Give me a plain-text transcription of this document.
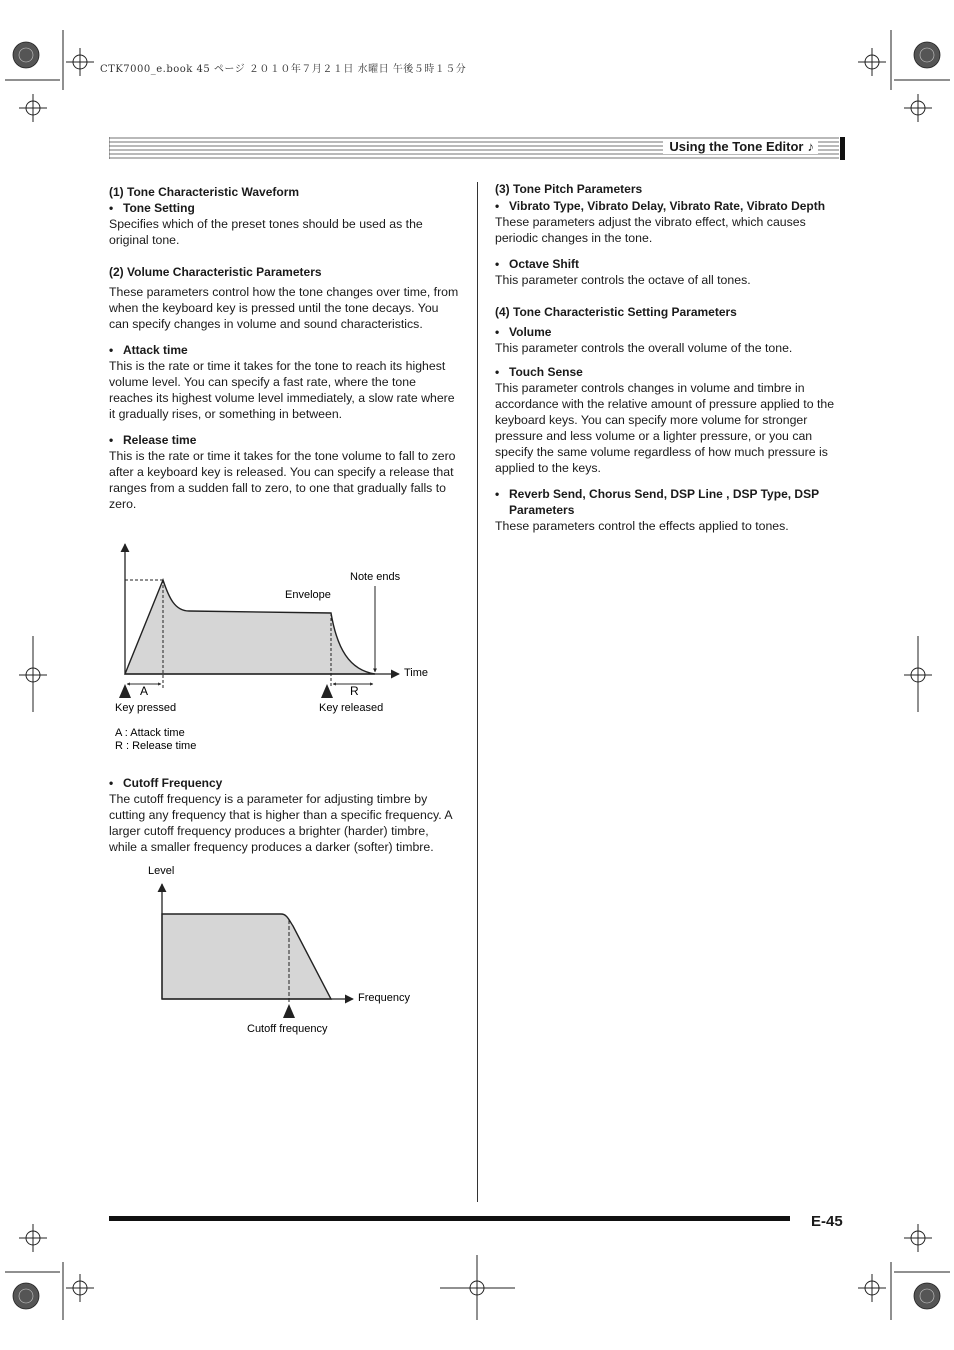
CTK7000_e.book 45 ページ ２０１０年７月２１日 水曜日 午後５時１５分
Using the Tone Editor ♪

(1) Tone Characteristic Waveform

• Tone Setting

Specifies which of the preset tones should be used as the original tone.

(2) Volume Characteristic Parameters

These parameters control how the tone changes over time, from when the keyboard key is pressed until the tone decays. You can specify changes in volume and sound characteristics.

• Attack time

This is the rate or time it takes for the tone to reach its highest volume level. You can specify a fast rate, where the tone reaches its highest volume level immediately, a slow rate where it gradually rises, or something in between.

• Release time

This is the rate or time it takes for the tone volume to fall to zero after a keyboard key is released. You can specify a release that ranges from a sudden fall to zero, to one that gradually falls to zero.

Note ends
Envelope
Time
A	R
Key pressed	Key released
A : Attack time
R : Release time

• Cutoff Frequency

The cutoff frequency is a parameter for adjusting timbre by cutting any frequency that is higher than a specific frequency. A larger cutoff frequency produces a brighter (harder) timbre, while a smaller frequency produces a darker (softer) timbre.

Level
Frequency
Cutoff frequency

(3) Tone Pitch Parameters

• Vibrato Type, Vibrato Delay, Vibrato Rate, Vibrato Depth

These parameters adjust the vibrato effect, which causes periodic changes in the tone.

• Octave Shift

This parameter controls the octave of all tones.

(4) Tone Characteristic Setting Parameters

• Volume

This parameter controls the overall volume of the tone.

• Touch Sense

This parameter controls changes in volume and timbre in accordance with the relative amount of pressure applied to the keyboard keys. You can specify more volume for stronger pressure and less volume or a lighter pressure, or you can specify the same volume regardless of how much pressure is applied to the keys.

• Reverb Send, Chorus Send, DSP Line , DSP Type, DSP Parameters

These parameters control the effects applied to tones.

E-45
